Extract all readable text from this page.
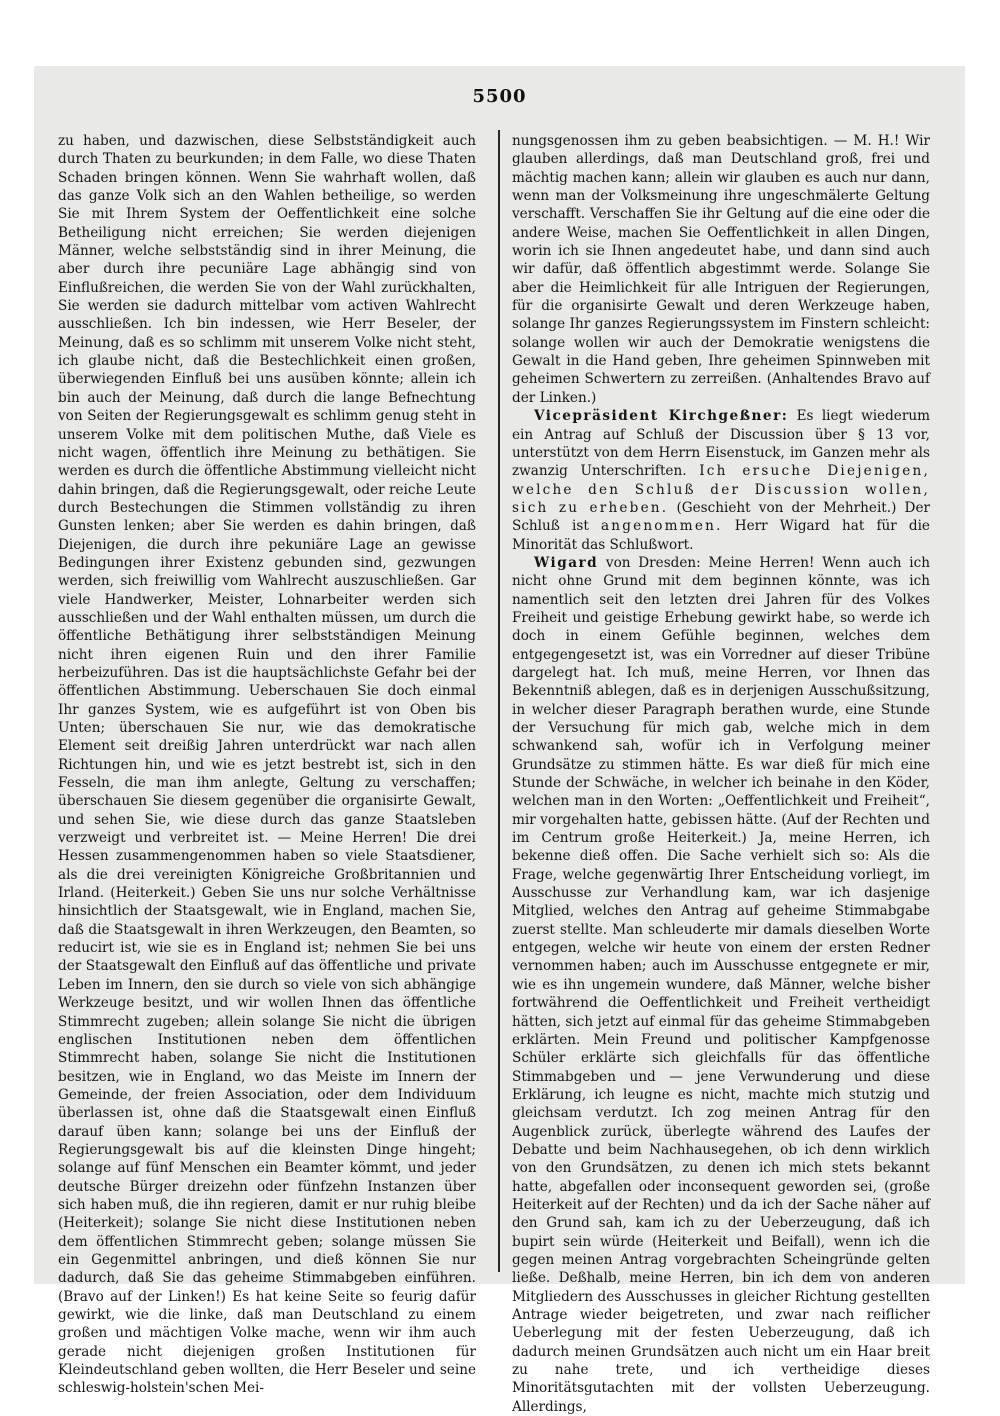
5500

zu haben, und dazwischen, diese Selbstständigkeit auch durch Thaten zu beurkunden; in dem Falle, wo diese Thaten Schaden bringen können. Wenn Sie wahrhaft wollen, daß das ganze Volk sich an den Wahlen betheilige, so werden Sie mit Ihrem System der Oeffentlichkeit eine solche Betheiligung nicht erreichen; Sie werden diejenigen Männer, welche selbstständig sind in ihrer Meinung, die aber durch ihre pecuniäre Lage abhängig sind von Einflußreichen, die werden Sie von der Wahl zurückhalten, Sie werden sie dadurch mittelbar vom activen Wahlrecht ausschließen. Ich bin indessen, wie Herr Beseler, der Meinung, daß es so schlimm mit unserem Volke nicht steht, ich glaube nicht, daß die Bestechlichkeit einen großen, überwiegenden Einfluß bei uns ausüben könnte; allein ich bin auch der Meinung, daß durch die lange Befnechtung von Seiten der Regierungsgewalt es schlimm genug steht in unserem Volke mit dem politischen Muthe, daß Viele es nicht wagen, öffentlich ihre Meinung zu bethätigen. Sie werden es durch die öffentliche Abstimmung vielleicht nicht dahin bringen, daß die Regierungsgewalt, oder reiche Leute durch Bestechungen die Stimmen vollständig zu ihren Gunsten lenken; aber Sie werden es dahin bringen, daß Diejenigen, die durch ihre pekuniäre Lage an gewisse Bedingungen ihrer Existenz gebunden sind, gezwungen werden, sich freiwillig vom Wahlrecht auszuschließen. Gar viele Handwerker, Meister, Lohnarbeiter werden sich ausschließen und der Wahl enthalten müssen, um durch die öffentliche Bethätigung ihrer selbstständigen Meinung nicht ihren eigenen Ruin und den ihrer Familie herbeizuführen. Das ist die hauptsächlichste Gefahr bei der öffentlichen Abstimmung. Ueberschauen Sie doch einmal Ihr ganzes System, wie es aufgeführt ist von Oben bis Unten; überschauen Sie nur, wie das demokratische Element seit dreißig Jahren unterdrückt war nach allen Richtungen hin, und wie es jetzt bestrebt ist, sich in den Fesseln, die man ihm anlegte, Geltung zu verschaffen; überschauen Sie diesem gegenüber die organisirte Gewalt, und sehen Sie, wie diese durch das ganze Staatsleben verzweigt und verbreitet ist. — Meine Herren! Die drei Hessen zusammengenommen haben so viele Staatsdiener, als die drei vereinigten Königreiche Großbritannien und Irland. (Heiterkeit.) Geben Sie uns nur solche Verhältnisse hinsichtlich der Staatsgewalt, wie in England, machen Sie, daß die Staatsgewalt in ihren Werkzeugen, den Beamten, so reducirt ist, wie sie es in England ist; nehmen Sie bei uns der Staatsgewalt den Einfluß auf das öffentliche und private Leben im Innern, den sie durch so viele von sich abhängige Werkzeuge besitzt, und wir wollen Ihnen das öffentliche Stimmrecht zugeben; allein solange Sie nicht die übrigen englischen Institutionen neben dem öffentlichen Stimmrecht haben, solange Sie nicht die Institutionen besitzen, wie in England, wo das Meiste im Innern der Gemeinde, der freien Association, oder dem Individuum überlassen ist, ohne daß die Staatsgewalt einen Einfluß darauf üben kann; solange bei uns der Einfluß der Regierungsgewalt bis auf die kleinsten Dinge hingeht; solange auf fünf Menschen ein Beamter kömmt, und jeder deutsche Bürger dreizehn oder fünfzehn Instanzen über sich haben muß, die ihn regieren, damit er nur ruhig bleibe (Heiterkeit); solange Sie nicht diese Institutionen neben dem öffentlichen Stimmrecht geben; solange müssen Sie ein Gegenmittel anbringen, und dieß können Sie nur dadurch, daß Sie das geheime Stimmabgeben einführen. (Bravo auf der Linken!) Es hat keine Seite so feurig dafür gewirkt, wie die linke, daß man Deutschland zu einem großen und mächtigen Volke mache, wenn wir ihm auch gerade nicht diejenigen großen Institutionen für Kleindeutschland geben wollten, die Herr Beseler und seine schleswig-holstein'schen Mei-

nungsgenossen ihm zu geben beabsichtigen. — M. H.! Wir glauben allerdings, daß man Deutschland groß, frei und mächtig machen kann; allein wir glauben es auch nur dann, wenn man der Volksmeinung ihre ungeschmälerte Geltung verschafft. Verschaffen Sie ihr Geltung auf die eine oder die andere Weise, machen Sie Oeffentlichkeit in allen Dingen, worin ich sie Ihnen angedeutet habe, und dann sind auch wir dafür, daß öffentlich abgestimmt werde. Solange Sie aber die Heimlichkeit für alle Intriguen der Regierungen, für die organisirte Gewalt und deren Werkzeuge haben, solange Ihr ganzes Regierungssystem im Finstern schleicht: solange wollen wir auch der Demokratie wenigstens die Gewalt in die Hand geben, Ihre geheimen Spinnweben mit geheimen Schwertern zu zerreißen. (Anhaltendes Bravo auf der Linken.)

Vicepräsident Kirchgeßner: Es liegt wiederum ein Antrag auf Schluß der Discussion über § 13 vor, unterstützt von dem Herrn Eisenstuck, im Ganzen mehr als zwanzig Unterschriften. Ich ersuche Diejenigen, welche den Schluß der Discussion wollen, sich zu erheben. (Geschieht von der Mehrheit.) Der Schluß ist angenommen. Herr Wigard hat für die Minorität das Schlußwort.

Wigard von Dresden: Meine Herren! Wenn auch ich nicht ohne Grund mit dem beginnen könnte, was ich namentlich seit den letzten drei Jahren für des Volkes Freiheit und geistige Erhebung gewirkt habe, so werde ich doch in einem Gefühle beginnen, welches dem entgegengesetzt ist, was ein Vorredner auf dieser Tribüne dargelegt hat. Ich muß, meine Herren, vor Ihnen das Bekenntniß ablegen, daß es in derjenigen Ausschußsitzung, in welcher dieser Paragraph berathen wurde, eine Stunde der Versuchung für mich gab, welche mich in dem schwankend sah, wofür ich in Verfolgung meiner Grundsätze zu stimmen hätte. Es war dieß für mich eine Stunde der Schwäche, in welcher ich beinahe in den Köder, welchen man in den Worten: „Oeffentlichkeit und Freiheit“, mir vorgehalten hatte, gebissen hätte. (Auf der Rechten und im Centrum große Heiterkeit.) Ja, meine Herren, ich bekenne dieß offen. Die Sache verhielt sich so: Als die Frage, welche gegenwärtig Ihrer Entscheidung vorliegt, im Ausschusse zur Verhandlung kam, war ich dasjenige Mitglied, welches den Antrag auf geheime Stimmabgabe zuerst stellte. Man schleuderte mir damals dieselben Worte entgegen, welche wir heute von einem der ersten Redner vernommen haben; auch im Ausschusse entgegnete er mir, wie es ihn ungemein wundere, daß Männer, welche bisher fortwährend die Oeffentlichkeit und Freiheit vertheidigt hätten, sich jetzt auf einmal für das geheime Stimmabgeben erklärten. Mein Freund und politischer Kampfgenosse Schüler erklärte sich gleichfalls für das öffentliche Stimmabgeben und — jene Verwunderung und diese Erklärung, ich leugne es nicht, machte mich stutzig und gleichsam verdutzt. Ich zog meinen Antrag für den Augenblick zurück, überlegte während des Laufes der Debatte und beim Nachhausegehen, ob ich denn wirklich von den Grundsätzen, zu denen ich mich stets bekannt hatte, abgefallen oder inconsequent geworden sei, (große Heiterkeit auf der Rechten) und da ich der Sache näher auf den Grund sah, kam ich zu der Ueberzeugung, daß ich bupirt sein würde (Heiterkeit und Beifall), wenn ich die gegen meinen Antrag vorgebrachten Scheingründe gelten ließe. Deßhalb, meine Herren, bin ich dem von anderen Mitgliedern des Ausschusses in gleicher Richtung gestellten Antrage wieder beigetreten, und zwar nach reiflicher Ueberlegung mit der festen Ueberzeugung, daß ich dadurch meinen Grundsätzen auch nicht um ein Haar breit zu nahe trete, und ich vertheidige dieses Minoritätsgutachten mit der vollsten Ueberzeugung. Allerdings,
